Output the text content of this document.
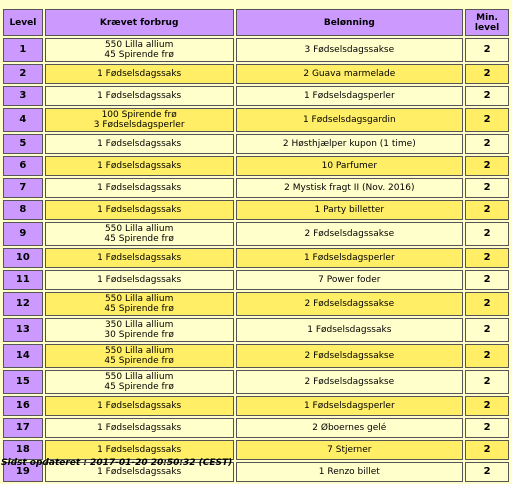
Level	Krævet forbrug	Belønning	Min. level

1	550 Lilla allium
45 Spirende frø	3 Fødselsdagssakse	2
2	1 Fødselsdagssaks	2 Guava marmelade	2
3	1 Fødselsdagssaks	1 Fødselsdagsperler	2
4	100 Spirende frø
3 Fødselsdagsperler	1 Fødselsdagsgardin	2
5	1 Fødselsdagssaks	2 Høsthjælper kupon (1 time)	2
6	1 Fødselsdagssaks	10 Parfumer	2
7	1 Fødselsdagssaks	2 Mystisk fragt II (Nov. 2016)	2
8	1 Fødselsdagssaks	1 Party billetter	2
9	550 Lilla allium
45 Spirende frø	2 Fødselsdagssakse	2
10	1 Fødselsdagssaks	1 Fødselsdagsperler	2
11	1 Fødselsdagssaks	7 Power foder	2
12	550 Lilla allium
45 Spirende frø	2 Fødselsdagssakse	2
13	350 Lilla allium
30 Spirende frø	1 Fødselsdagssaks	2
14	550 Lilla allium
45 Spirende frø	2 Fødselsdagssakse	2
15	550 Lilla allium
45 Spirende frø	2 Fødselsdagssakse	2
16	1 Fødselsdagssaks	1 Fødselsdagsperler	2
17	1 Fødselsdagssaks	2 Øboernes gelé	2
18	1 Fødselsdagssaks	7 Stjerner	2
19	1 Fødselsdagssaks	1 Renzo billet	2
Sidst opdateret : 2017-01-20 20:50:32 (CEST)
